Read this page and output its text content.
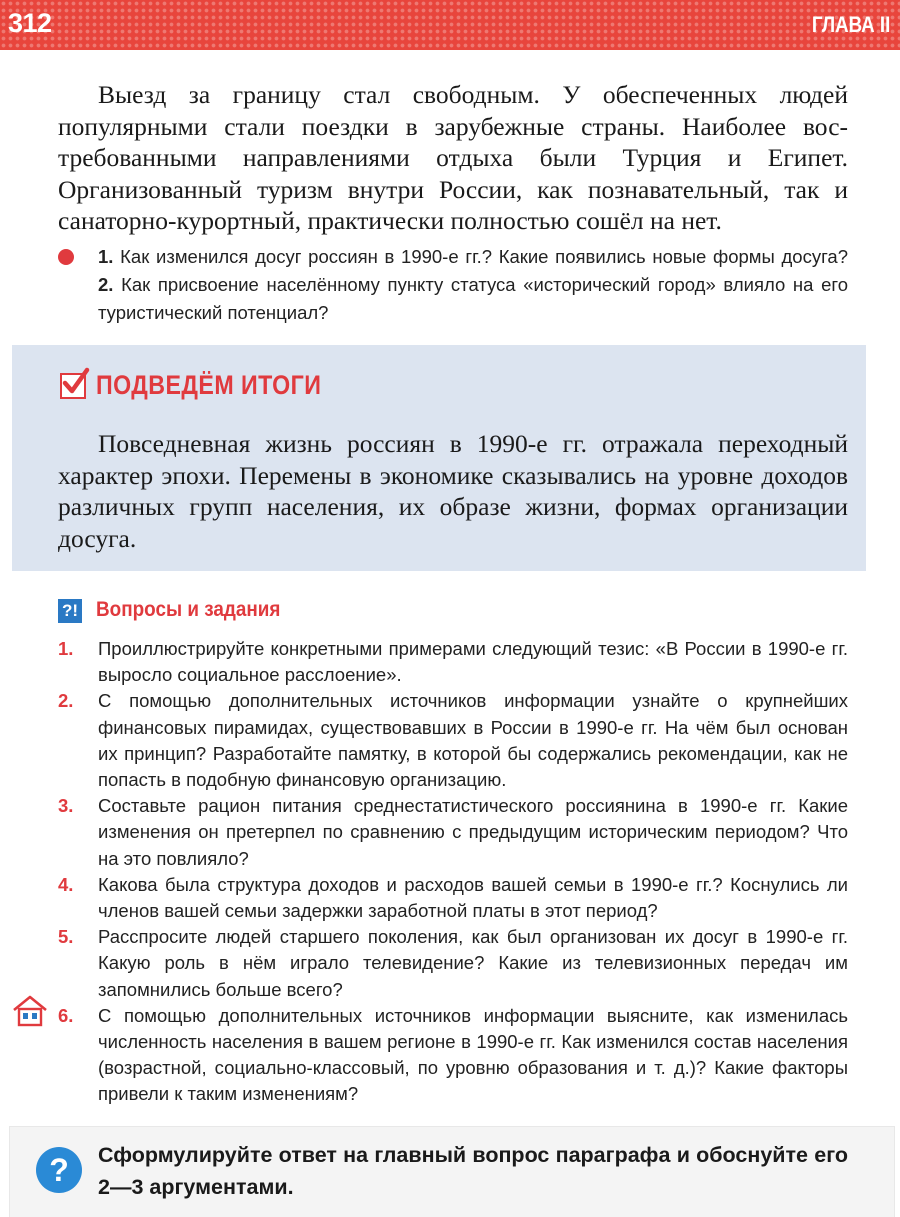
312	ГЛАВА II

Выезд за границу стал свободным. У обеспеченных людей популярными стали поездки в зарубежные страны. Наиболее вос- требованными направлениями отдыха были Турция и Египет. Организованный туризм внутри России, как познавательный, так и санаторно-курортный, практически полностью сошёл на нет.

1. Как изменился досуг россиян в 1990-е гг.? Какие появились новые формы досуга? 2. Как присвоение населённому пункту статуса «исторический город» влияло на его туристический потенциал?

ПОДВЕДЁМ ИТОГИ

Повседневная жизнь россиян в 1990-е гг. отражала переходный характер эпохи. Перемены в экономике сказывались на уровне доходов различных групп населения, их образе жизни, формах организации досуга.

?! Вопросы и задания
1. Проиллюстрируйте конкретными примерами следующий тезис: «В России в 1990-е гг. выросло социальное расслоение».
2. С помощью дополнительных источников информации узнайте о крупнейших финансовых пирамидах, существовавших в России в 1990-е гг. На чём был основан их принцип? Разработайте памятку, в которой бы содержались рекомендации, как не попасть в подобную финансовую организацию.
3. Составьте рацион питания среднестатистического россиянина в 1990-е гг. Какие изменения он претерпел по сравнению с предыдущим историческим периодом? Что на это повлияло?
4. Какова была структура доходов и расходов вашей семьи в 1990-е гг.? Коснулись ли членов вашей семьи задержки заработной платы в этот период?
5. Расспросите людей старшего поколения, как был организован их досуг в 1990-е гг. Какую роль в нём играло телевидение? Какие из телевизионных передач им запомнились больше всего?
6. С помощью дополнительных источников информации выясните, как изменилась численность населения в вашем регионе в 1990-е гг. Как изменился состав населения (возрастной, социально-классовый, по уровню образования и т. д.)? Какие факторы привели к таким изменениям?
?	Сформулируйте ответ на главный вопрос параграфа и обоснуйте его 2—3 аргументами.
